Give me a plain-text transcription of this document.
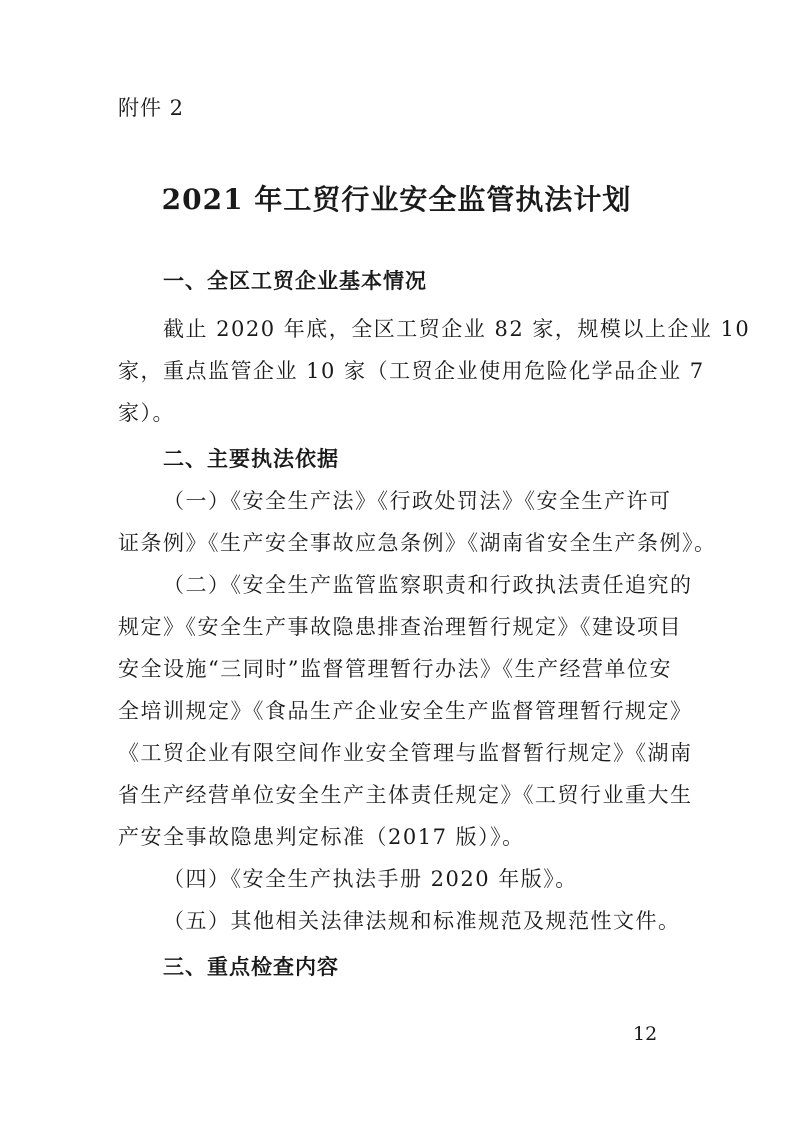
附件 2
2021 年工贸行业安全监管执法计划
一、全区工贸企业基本情况
截止 2020 年底，全区工贸企业 82 家，规模以上企业 10
家，重点监管企业 10 家（工贸企业使用危险化学品企业 7
家）。
二、主要执法依据
（一）《安全生产法》《行政处罚法》《安全生产许可
证条例》《生产安全事故应急条例》《湖南省安全生产条例》。
（二）《安全生产监管监察职责和行政执法责任追究的
规定》《安全生产事故隐患排查治理暂行规定》《建设项目
安全设施“三同时”监督管理暂行办法》《生产经营单位安
全培训规定》《食品生产企业安全生产监督管理暂行规定》
《工贸企业有限空间作业安全管理与监督暂行规定》《湖南
省生产经营单位安全生产主体责任规定》《工贸行业重大生
产安全事故隐患判定标准（2017 版）》。
（四）《安全生产执法手册 2020 年版》。
（五）其他相关法律法规和标准规范及规范性文件。
三、重点检查内容
12
